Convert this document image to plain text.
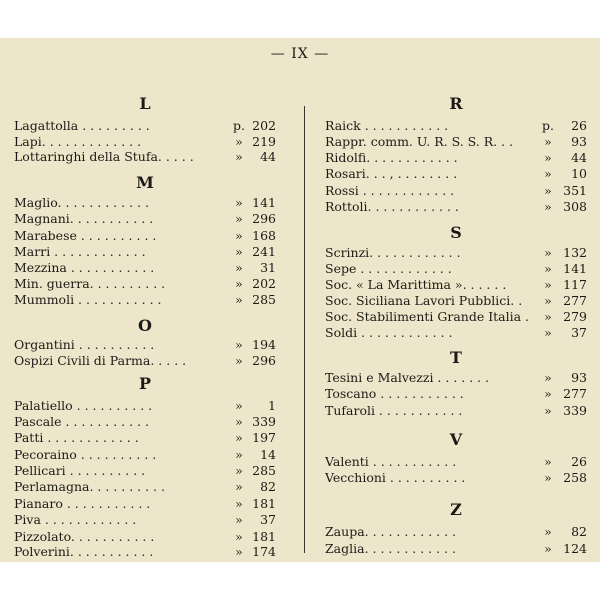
— IX —
L
Lagattolla . . . . . . . . .	p. 202
Lapi. . . . . . . . . . . . .	» 219
Lottaringhi della Stufa. . . . .	» 44
M
Maglio. . . . . . . . . . . .	» 141
Magnani. . . . . . . . . . .	» 296
Marabese . . . . . . . . . .	» 168
Marri . . . . . . . . . . . .	» 241
Mezzina . . . . . . . . . . .	» 31
Min. guerra. . . . . . . . . .	» 202
Mummoli . . . . . . . . . . .	» 285
O
Organtini . . . . . . . . . .	» 194
Ospizi Civili di Parma. . . . .	» 296
P
Palatiello . . . . . . . . . .	» 1
Pascale . . . . . . . . . . .	» 339
Patti . . . . . . . . . . . .	» 197
Pecoraino . . . . . . . . . .	» 14
Pellicari . . . . . . . . . .	» 285
Perlamagna. . . . . . . . . .	» 82
Pianaro . . . . . . . . . . .	» 181
Piva . . . . . . . . . . . .	» 37
Pizzolato. . . . . . . . . . .	» 181
Polverini. . . . . . . . . . .	» 174
R
Raick . . . . . . . . . . .	p. 26
Rappr. comm. U. R. S. S. R. . .	» 93
Ridolfi. . . . . . . . . . . .	» 44
Rosari. . . , . . . . . . . .	» 10
Rossi . . . . . . . . . . . .	» 351
Rottoli. . . . . . . . . . . .	» 308
S
Scrinzi. . . . . . . . . . . .	» 132
Sepe . . . . . . . . . . . .	» 141
Soc. « La Marittima ». . . . . .	» 117
Soc. Siciliana Lavori Pubblici. .	» 277
Soc. Stabilimenti Grande Italia .	» 279
Soldi . . . . . . . . . . . .	» 37
T
Tesini e Malvezzi . . . . . . .	» 93
Toscano . . . . . . . . . . .	» 277
Tufaroli . . . . . . . . . . .	» 339
V
Valenti . . . . . . . . . . .	» 26
Vecchioni . . . . . . . . . .	» 258
Z
Zaupa. . . . . . . . . . . .	» 82
Zaglia. . . . . . . . . . . .	» 124
